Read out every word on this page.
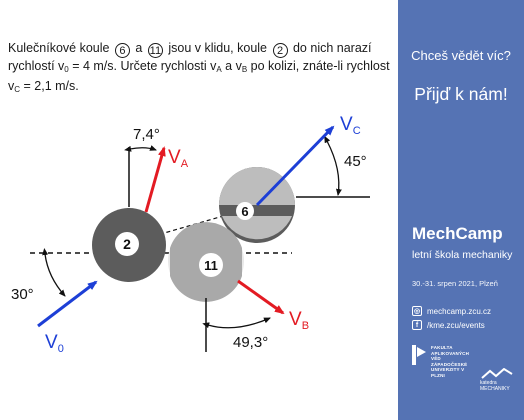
Kulečníkové koule 6 a 11 jsou v klidu, koule 2 do nich narazí rychlostí $v_0 = 4$ m/s. Určete rychlosti $v_A$ a $v_B$ po kolizi, znáte-li rychlost $v_C = 2,1$ m/s.
6
11
2
7,4°
45°
30°
49,3°
$V_0$
$V_C$
$V_A$
$V_B$
Chceš vědět víc?
Přijď k nám!
MechCamp
letní škola mechaniky
30.-31. srpen 2021, Plzeň
◎ mechcamp.zcu.cz
f	/kme.zcu/events
FAKULTA APLIKOVANÝCH VĚD ZÁPADOČESKÉ UNIVERZITY V PLZNI
katedra MECHANIKY
